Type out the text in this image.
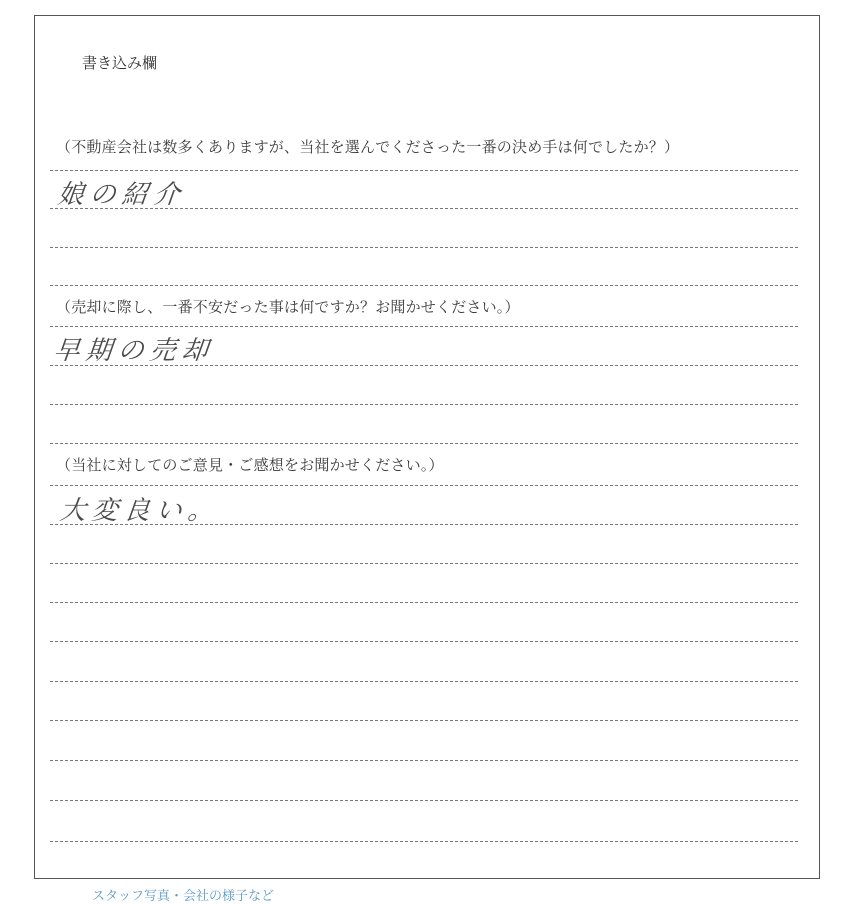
書き込み欄
（不動産会社は数多くありますが、当社を選んでくださった一番の決め手は何でしたか？）
娘の紹介
（売却に際し、一番不安だった事は何ですか？お聞かせください。）
早期の売却
（当社に対してのご意見・ご感想をお聞かせください。）
大変良い。
スタッフ写真・会社の様子など
